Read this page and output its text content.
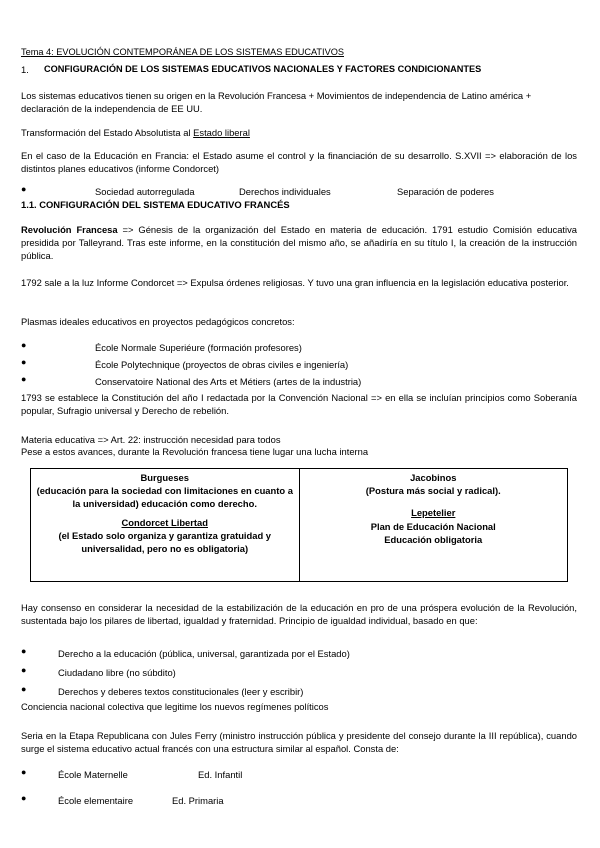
Tema 4: EVOLUCIÓN CONTEMPORÁNEA DE LOS SISTEMAS EDUCATIVOS
1. CONFIGURACIÓN DE LOS SISTEMAS EDUCATIVOS NACIONALES Y FACTORES CONDICIONANTES
Los sistemas educativos tienen su origen en la Revolución Francesa + Movimientos de independencia de Latino américa + declaración de la independencia de EE UU.
Transformación del Estado Absolutista al Estado liberal
En el caso de la Educación en Francia: el Estado asume el control y la financiación de su desarrollo. S.XVII => elaboración de los distintos planes educativos (informe Condorcet)
●	Sociedad autorregulada	Derechos individuales	Separación de poderes
1.1. CONFIGURACIÓN DEL SISTEMA EDUCATIVO FRANCÉS
Revolución Francesa => Génesis de la organización del Estado en materia de educación. 1791 estudio Comisión educativa presidida por Talleyrand. Tras este informe, en la constitución del mismo año, se añadiría en su título I, la creación de la instrucción pública.
1792 sale a la luz Informe Condorcet => Expulsa órdenes religiosas. Y tuvo una gran influencia en la legislación educativa posterior.
Plasmas ideales educativos en proyectos pedagógicos concretos:
●	École Normale Superiéure (formación profesores)
●	École Polytechnique (proyectos de obras civiles e ingeniería)
●	Conservatoire National des Arts et Métiers (artes de la industria)
1793 se establece la Constitución del año I redactada por la Convención Nacional => en ella se incluían principios como Soberanía popular, Sufragio universal y Derecho de rebelión.
Materia educativa => Art. 22: instrucción necesidad para todos
Pese a estos avances, durante la Revolución francesa tiene lugar una lucha interna
Burgueses
(educación para la sociedad con limitaciones en cuanto a la universidad) educación como derecho.
Condorcet Libertad
(el Estado solo organiza y garantiza gratuidad y universalidad, pero no es obligatoria)

Jacobinos
(Postura más social y radical).
Lepetelier
Plan de Educación Nacional
Educación obligatoria
Hay consenso en considerar la necesidad de la estabilización de la educación en pro de una próspera evolución de la Revolución, sustentada bajo los pilares de libertad, igualdad y fraternidad. Principio de igualdad individual, basado en que:
●	Derecho a la educación (pública, universal, garantizada por el Estado)
●	Ciudadano libre (no súbdito)
●	Derechos y deberes textos constitucionales (leer y escribir)
Conciencia nacional colectiva que legitime los nuevos regímenes políticos
Seria en la Etapa Republicana con Jules Ferry (ministro instrucción pública y presidente del consejo durante la III república), cuando surge el sistema educativo actual francés con una estructura similar al español. Consta de:
●	École Maternelle	Ed. Infantil
●	École elementaire	Ed. Primaria
